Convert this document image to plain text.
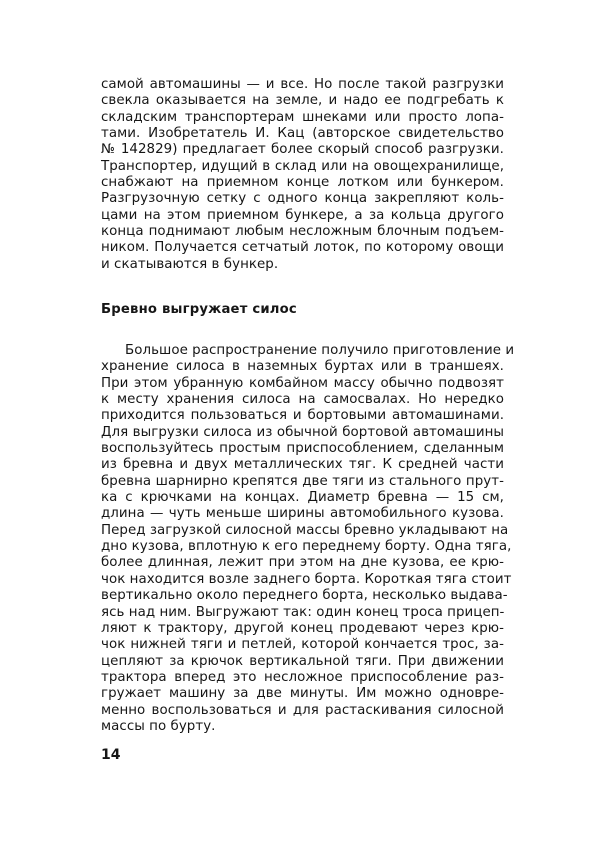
самой автомашины — и все. Но после такой разгрузки
свекла оказывается на земле, и надо ее подгребать к
складским транспортерам шнеками или просто лопа-
тами. Изобретатель И. Кац (авторское свидетельство
№ 142829) предлагает более скорый способ разгрузки.
Транспортер, идущий в склад или на овощехранилище,
снабжают на приемном конце лотком или бункером.
Разгрузочную сетку с одного конца закрепляют коль-
цами на этом приемном бункере, а за кольца другого
конца поднимают любым несложным блочным подъем-
ником. Получается сетчатый лоток, по которому овощи
и скатываются в бункер.
Бревно выгружает силос
Большое распространение получило приготовление и
хранение силоса в наземных буртах или в траншеях.
При этом убранную комбайном массу обычно подвозят
к месту хранения силоса на самосвалах. Но нередко
приходится пользоваться и бортовыми автомашинами.
Для выгрузки силоса из обычной бортовой автомашины
воспользуйтесь простым приспособлением, сделанным
из бревна и двух металлических тяг. К средней части
бревна шарнирно крепятся две тяги из стального прут-
ка с крючками на концах. Диаметр бревна — 15 см,
длина — чуть меньше ширины автомобильного кузова.
Перед загрузкой силосной массы бревно укладывают на
дно кузова, вплотную к его переднему борту. Одна тяга,
более длинная, лежит при этом на дне кузова, ее крю-
чок находится возле заднего борта. Короткая тяга стоит
вертикально около переднего борта, несколько выдава-
ясь над ним. Выгружают так: один конец троса прицеп-
ляют к трактору, другой конец продевают через крю-
чок нижней тяги и петлей, которой кончается трос, за-
цепляют за крючок вертикальной тяги. При движении
трактора вперед это несложное приспособление раз-
гружает машину за две минуты. Им можно одновре-
менно воспользоваться и для растаскивания силосной
массы по бурту.
14
